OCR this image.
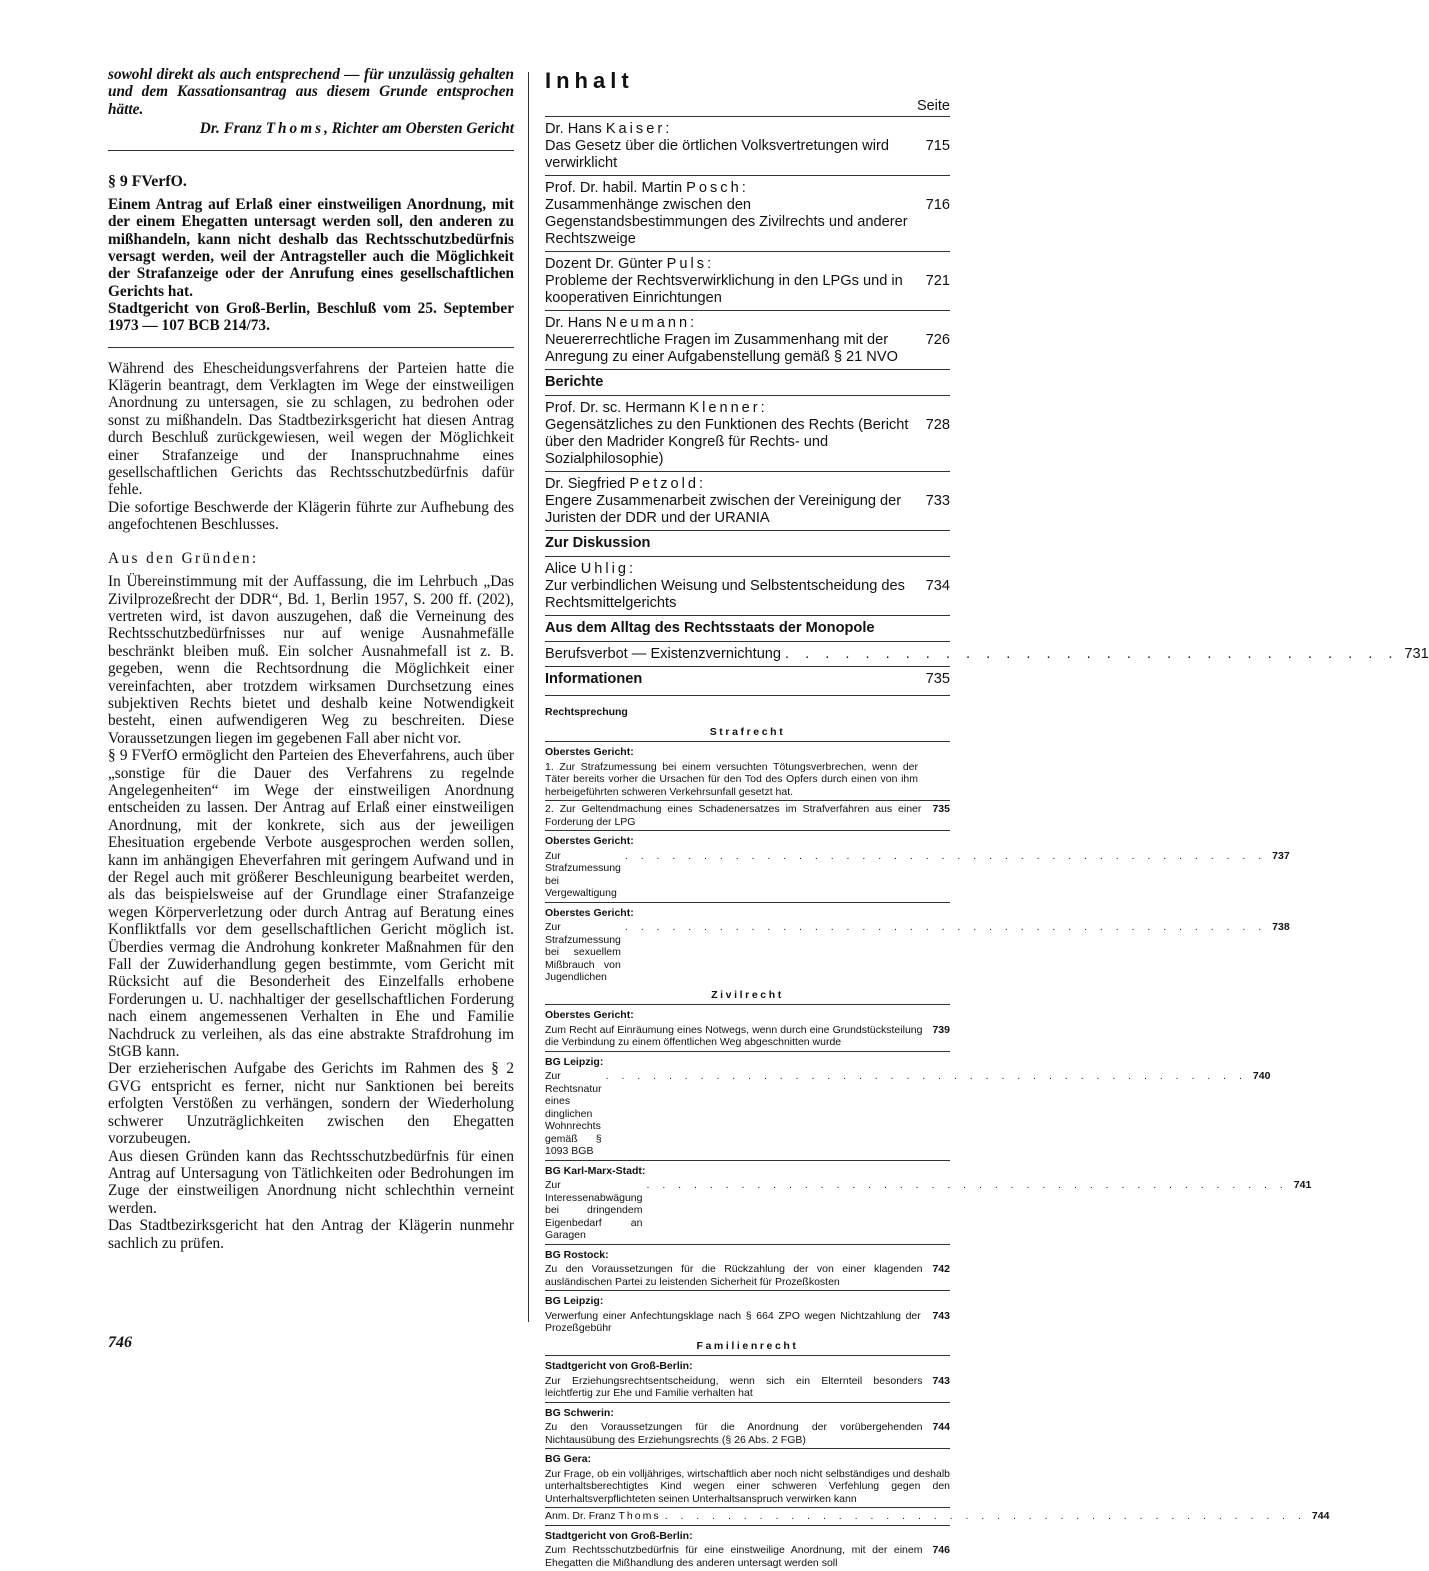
sowohl direkt als auch entsprechend — für unzulässig gehalten und dem Kassationsantrag aus diesem Grunde entsprochen hätte.

Dr. Franz Thoms, Richter am Obersten Gericht
§ 9 FVerfO.

Einem Antrag auf Erlaß einer einstweiligen Anordnung, mit der einem Ehegatten untersagt werden soll, den anderen zu mißhandeln, kann nicht deshalb das Rechtsschutzbedürfnis versagt werden, weil der Antragsteller auch die Möglichkeit der Strafanzeige oder der Anrufung eines gesellschaftlichen Gerichts hat.

Stadtgericht von Groß-Berlin, Beschluß vom 25. September 1973 — 107 BCB 214/73.

Während des Ehescheidungsverfahrens der Parteien hatte die Klägerin beantragt, dem Verklagten im Wege der einstweiligen Anordnung zu untersagen, sie zu schlagen, zu bedrohen oder sonst zu mißhandeln. Das Stadtbezirksgericht hat diesen Antrag durch Beschluß zurückgewiesen, weil wegen der Möglichkeit einer Strafanzeige und der Inanspruchnahme eines gesellschaftlichen Gerichts das Rechtsschutzbedürfnis dafür fehle.

Die sofortige Beschwerde der Klägerin führte zur Aufhebung des angefochtenen Beschlusses.

Aus den Gründen:

In Übereinstimmung mit der Auffassung, die im Lehrbuch „Das Zivilprozeßrecht der DDR“, Bd. 1, Berlin 1957, S. 200 ff. (202), vertreten wird, ist davon auszugehen, daß die Verneinung des Rechtsschutzbedürfnisses nur auf wenige Ausnahmefälle beschränkt bleiben muß. Ein solcher Ausnahmefall ist z. B. gegeben, wenn die Rechtsordnung die Möglichkeit einer vereinfachten, aber trotzdem wirksamen Durchsetzung eines subjektiven Rechts bietet und deshalb keine Notwendigkeit besteht, einen aufwendigeren Weg zu beschreiten. Diese Voraussetzungen liegen im gegebenen Fall aber nicht vor.

§ 9 FVerfO ermöglicht den Parteien des Eheverfahrens, auch über „sonstige für die Dauer des Verfahrens zu regelnde Angelegenheiten“ im Wege der einstweiligen Anordnung entscheiden zu lassen. Der Antrag auf Erlaß einer einstweiligen Anordnung, mit der konkrete, sich aus der jeweiligen Ehesituation ergebende Verbote ausgesprochen werden sollen, kann im anhängigen Eheverfahren mit geringem Aufwand und in der Regel auch mit größerer Beschleunigung bearbeitet werden, als das beispielsweise auf der Grundlage einer Strafanzeige wegen Körperverletzung oder durch Antrag auf Beratung eines Konfliktfalls vor dem gesellschaftlichen Gericht möglich ist. Überdies vermag die Androhung konkreter Maßnahmen für den Fall der Zuwiderhandlung gegen bestimmte, vom Gericht mit Rücksicht auf die Besonderheit des Einzelfalls erhobene Forderungen u. U. nachhaltiger der gesellschaftlichen Forderung nach einem angemessenen Verhalten in Ehe und Familie Nachdruck zu verleihen, als das eine abstrakte Strafdrohung im StGB kann.

Der erzieherischen Aufgabe des Gerichts im Rahmen des § 2 GVG entspricht es ferner, nicht nur Sanktionen bei bereits erfolgten Verstößen zu verhängen, sondern der Wiederholung schwerer Unzuträglichkeiten zwischen den Ehegatten vorzubeugen.

Aus diesen Gründen kann das Rechtsschutzbedürfnis für einen Antrag auf Untersagung von Tätlichkeiten oder Bedrohungen im Zuge der einstweiligen Anordnung nicht schlechthin verneint werden.

Das Stadtbezirksgericht hat den Antrag der Klägerin nunmehr sachlich zu prüfen.

746
Inhalt
Seite
Dr. Hans Kaiser:
Das Gesetz über die örtlichen Volksvertretungen wird verwirklicht
715
Prof. Dr. habil. Martin Posch:
Zusammenhänge zwischen den Gegenstandsbestimmungen des Zivilrechts und anderer Rechtszweige
716
Dozent Dr. Günter Puls:
Probleme der Rechtsverwirklichung in den LPGs und in kooperativen Einrichtungen
721
Dr. Hans Neumann:
Neuererrechtliche Fragen im Zusammenhang mit der Anregung zu einer Aufgabenstellung gemäß § 21 NVO
726
Berichte
Prof. Dr. sc. Hermann Klenner:
Gegensätzliches zu den Funktionen des Rechts (Bericht über den Madrider Kongreß für Rechts- und Sozialphilosophie)
728
Dr. Siegfried Petzold:
Engere Zusammenarbeit zwischen der Vereinigung der Juristen der DDR und der URANIA
733
Zur Diskussion
Alice Uhlig:
Zur verbindlichen Weisung und Selbstentscheidung des Rechtsmittelgerichts
734
Aus dem Alltag des Rechtsstaats der Monopole
Berufsverbot — Existenzvernichtung . . . . . . . . . . . . . . . . . . . . . . . . . . . . . . . 731
Informationen	735
Rechtsprechung
Strafrecht
Oberstes Gericht:
1. Zur Strafzumessung bei einem versuchten Tötungsverbrechen, wenn der Täter bereits vorher die Ursachen für den Tod des Opfers durch einen von ihm herbeigeführten schweren Verkehrsunfall gesetzt hat.
2. Zur Geltendmachung eines Schadenersatzes im Strafverfahren aus einer Forderung der LPG
735
Oberstes Gericht:
Zur Strafzumessung bei Vergewaltigung
. . . . . . . . . . . . . . . . . . . . . . . . . . . . . . . . . . . . . . . . . 737
Oberstes Gericht:
Zur Strafzumessung bei sexuellem Mißbrauch von Jugendlichen
. . . . . . . . . . . . . . . . . . . . . . . . . . . . . . . . . . . . . . . . . 738
Zivilrecht
Oberstes Gericht:
Zum Recht auf Einräumung eines Notwegs, wenn durch eine Grundstücksteilung die Verbindung zu einem öffentlichen Weg abgeschnitten wurde
739
BG Leipzig:
Zur Rechtsnatur eines dinglichen Wohnrechts gemäß § 1093 BGB
. . . . . . . . . . . . . . . . . . . . . . . . . . . . . . . . . . . . . . . . . 740
BG Karl-Marx-Stadt:
Zur Interessenabwägung bei dringendem Eigenbedarf an Garagen
. . . . . . . . . . . . . . . . . . . . . . . . . . . . . . . . . . . . . . . . . 741
BG Rostock:
Zu den Voraussetzungen für die Rückzahlung der von einer klagenden ausländischen Partei zu leistenden Sicherheit für Prozeßkosten
742
BG Leipzig:
Verwerfung einer Anfechtungsklage nach § 664 ZPO wegen Nichtzahlung der Prozeßgebühr
743
Familienrecht
Stadtgericht von Groß-Berlin:
Zur Erziehungsrechtsentscheidung, wenn sich ein Elternteil besonders leichtfertig zur Ehe und Familie verhalten hat
743
BG Schwerin:
Zu den Voraussetzungen für die Anordnung der vorübergehenden Nichtausübung des Erziehungsrechts (§ 26 Abs. 2 FGB)
744
BG Gera:
Zur Frage, ob ein volljähriges, wirtschaftlich aber noch nicht selbständiges und deshalb unterhaltsberechtigtes Kind wegen einer schweren Verfehlung gegen den Unterhaltsverpflichteten seinen Unterhaltsanspruch verwirken kann
Anm. Dr. Franz Thoms . . . . . . . . . . . . . . . . . . . . . . . . . . . . . . . . . . . . . . . . . 744
Stadtgericht von Groß-Berlin:
Zum Rechtsschutzbedürfnis für eine einstweilige Anordnung, mit der einem Ehegatten die Mißhandlung des anderen untersagt werden soll
746
